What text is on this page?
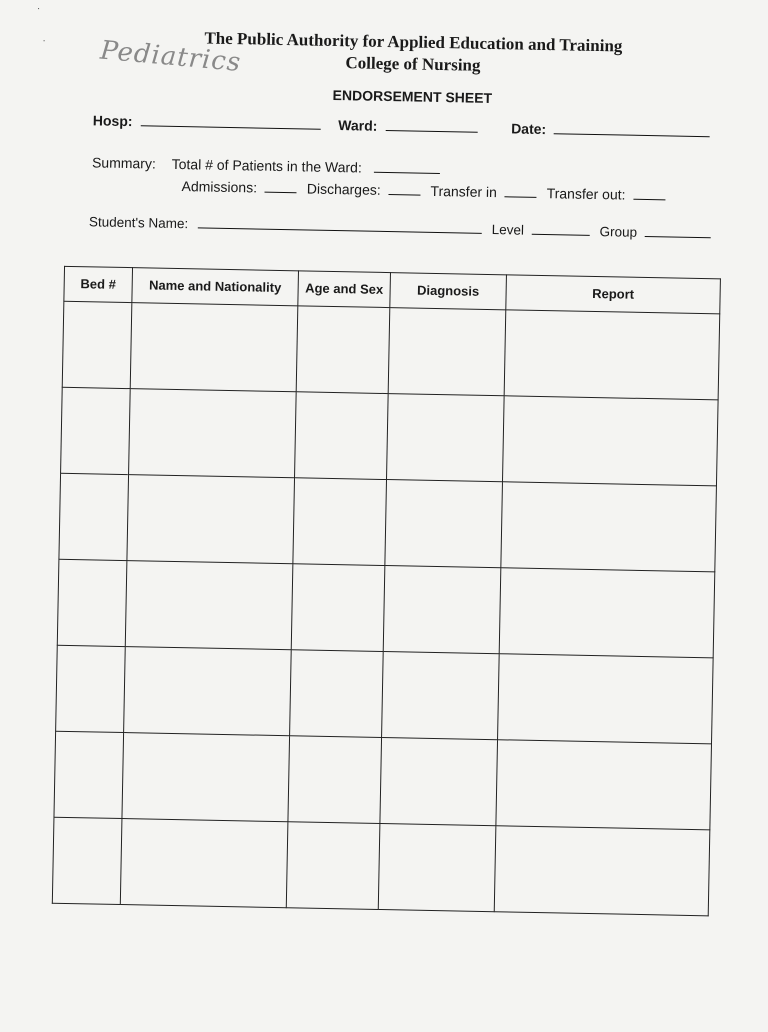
·
·	The Public Authority for Applied Education and Training
College of Nursing
Pediatrics
ENDORSEMENT SHEET
Hosp:	Ward:	Date:
Summary: Total # of Patients in the Ward:
Admissions:	Discharges:	Transfer in	Transfer out:
Student's Name:	Level	Group
Bed #	Name and Nationality	Age and Sex	Diagnosis	Report
